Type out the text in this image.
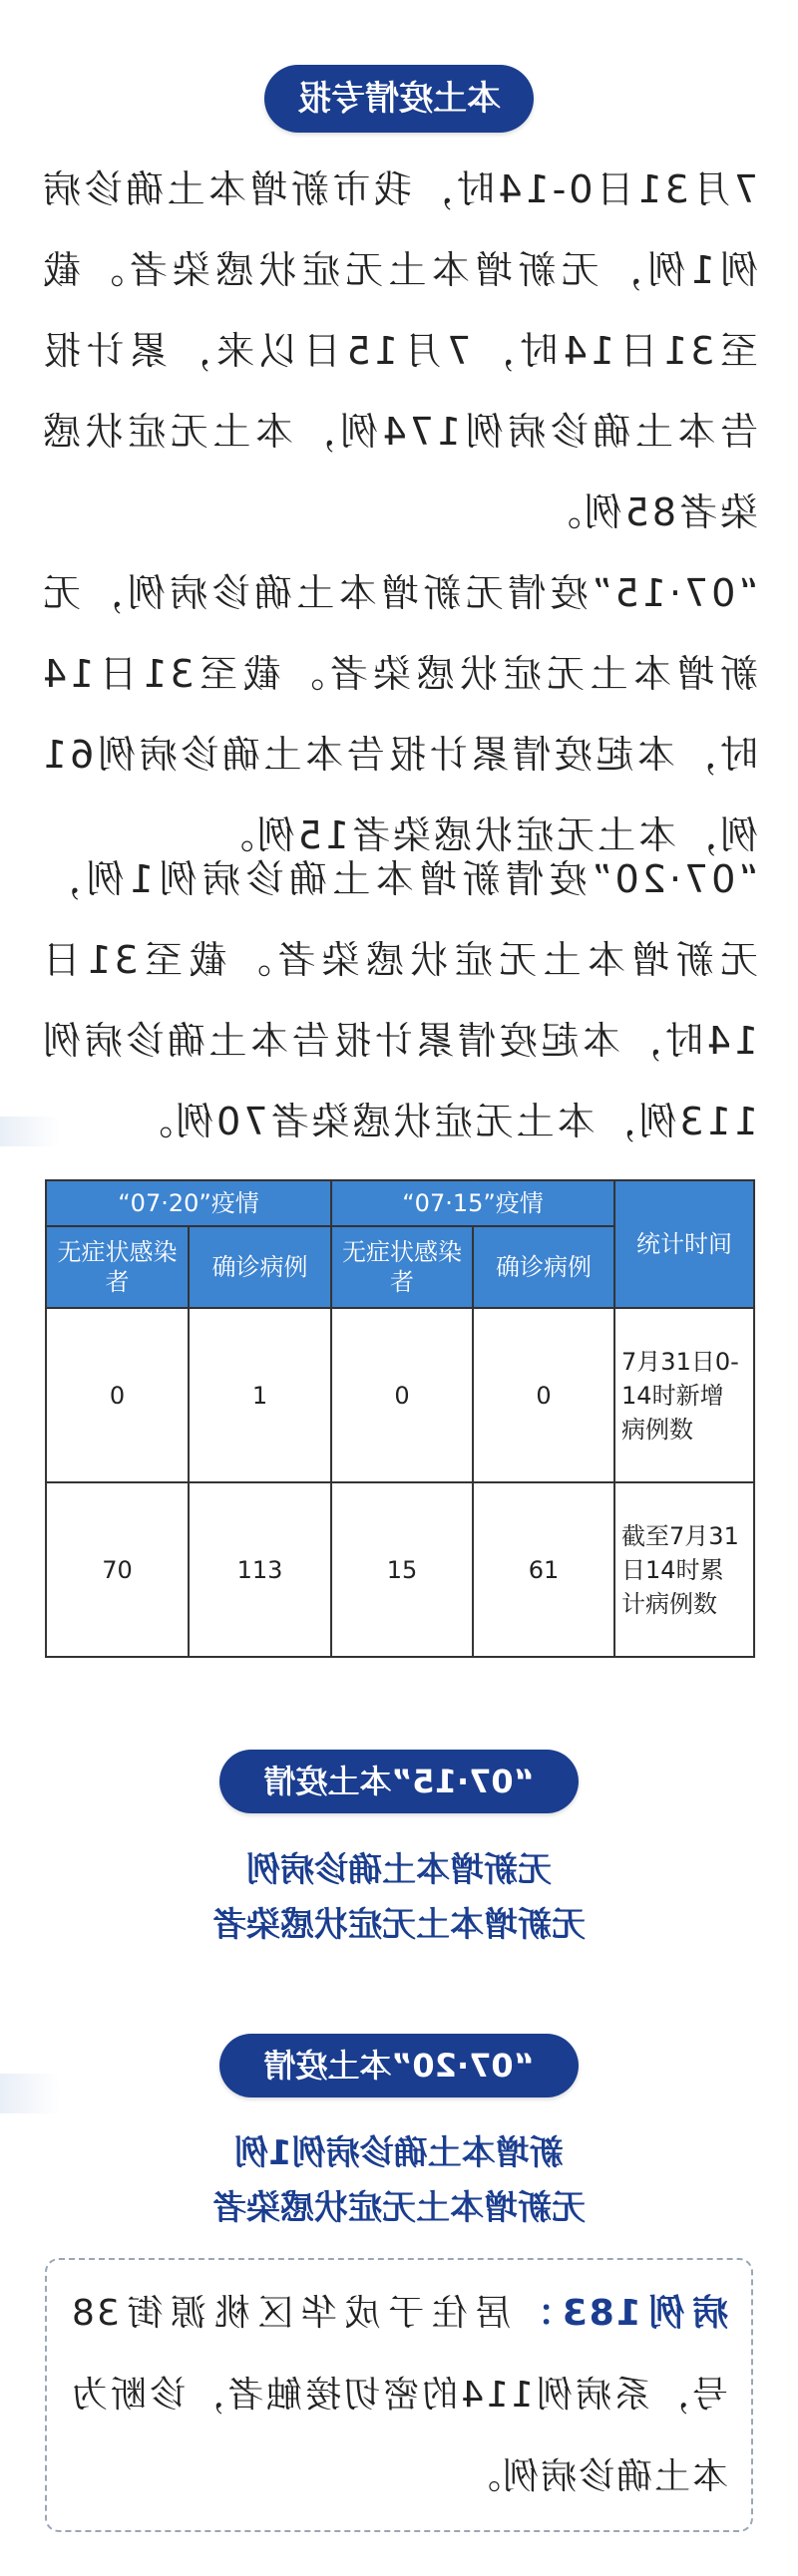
本土疫情专报
7月31日0-14时，我市新增本土确诊病例1例，无新增本土无症状感染者。截至31日14时，7月15日以来，累计报告本土确诊病例174例，本土无症状感染者85例。
“07·15”疫情无新增本土确诊病例，无新增本土无症状感染者。截至31日14时，本起疫情累计报告本土确诊病例61例，本土无症状感染者15例。
“07·20”疫情新增本土确诊病例1例，无新增本土无症状感染者。截至31日14时，本起疫情累计报告本土确诊病例113例，本土无症状感染者70例。
统计时间	“07·15”疫情		“07·20”疫情	

	确诊病例	无症状感染者	确诊病例	无症状感染者

7月31日0-14时新增病例数	0	0	1	0

截至7月31日14时累计病例数	61	15	113	70
“07·15”本土疫情
无新增本土确诊病例
无新增本土无症状感染者
“07·20”本土疫情
新增本土确诊病例1例
无新增本土无症状感染者
病例183：居住于成华区桃源街38号，系病例114的密切接触者，诊断为本土确诊病例。
